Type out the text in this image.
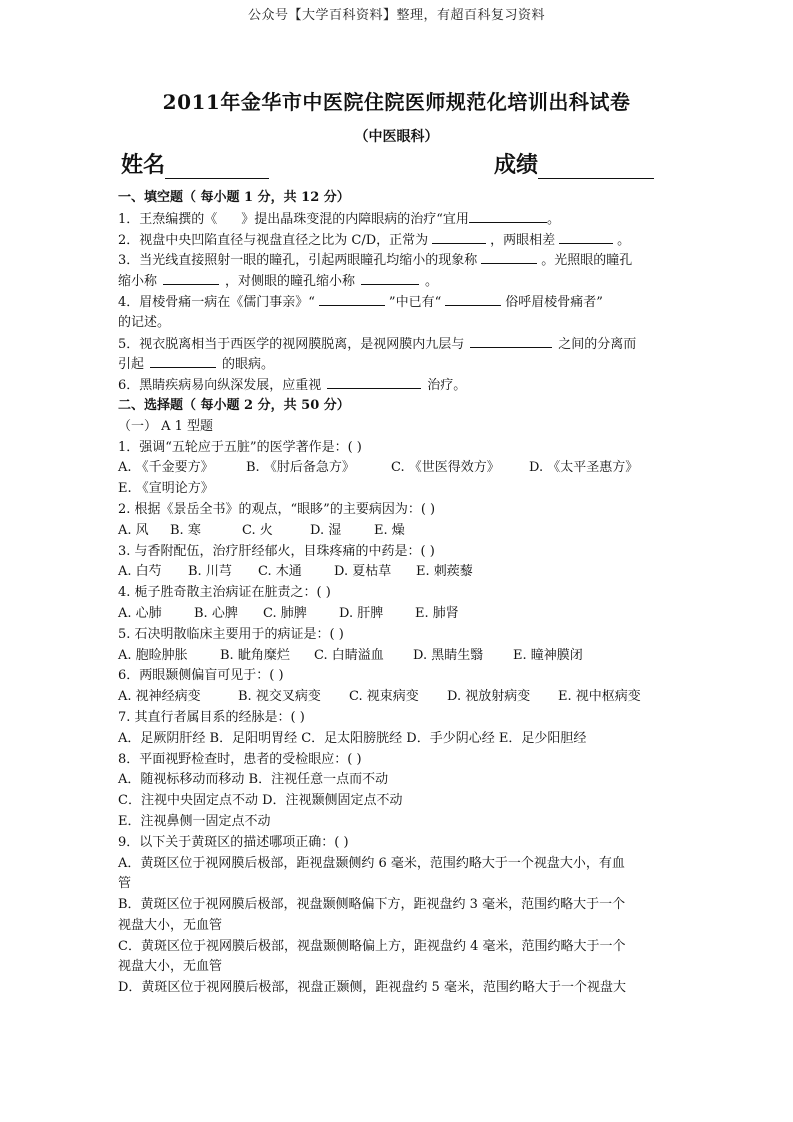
公众号【大学百科资料】整理，有超百科复习资料
2011年金华市中医院住院医师规范化培训出科试卷
（中医眼科）
姓名	成绩
一、填空题（ 每小题 1 分，共 12 分）
1．王焘编撰的《 》提出晶珠变混的内障眼病的治疗“宜用	。
2．视盘中央凹陷直径与视盘直径之比为 C/D，正常为	，两眼相差	。
3．当光线直接照射一眼的瞳孔，引起两眼瞳孔均缩小的现象称	。光照眼的瞳孔
缩小称	，对侧眼的瞳孔缩小称	。
4．眉棱骨痛一病在《儒门事亲》“	”中已有“	俗呼眉棱骨痛者”
的记述。
5．视衣脱离相当于西医学的视网膜脱离，是视网膜内九层与	之间的分离而
引起	的眼病。
6．黑睛疾病易向纵深发展，应重视	治疗。
二、选择题（ 每小题 2 分，共 50 分）
（一） A 1 型题
1．强调“五轮应于五脏”的医学著作是：( )
A. 《千金要方》 B. 《肘后备急方》	C. 《世医得效方》 D. 《太平圣惠方》
E. 《宣明论方》
2. 根据《景岳全书》的观点，“眼眵”的主要病因为：( )
A. 风 B. 寒	C. 火	D. 湿	E. 燥
3. 与香附配伍，治疗肝经郁火，目珠疼痛的中药是：( )
A. 白芍 B. 川芎 C. 木通 D. 夏枯草 E. 刺蒺藜
4. 栀子胜奇散主治病证在脏责之：( )
A. 心肺 B. 心脾 C. 肺脾 D. 肝脾 E. 肺肾
5. 石决明散临床主要用于的病证是：( )
A. 胞睑肿胀 B. 眦角糜烂 C. 白睛溢血 D. 黑睛生翳 E. 瞳神膜闭
6．两眼颞侧偏盲可见于：( )
A. 视神经病变	B. 视交叉病变 C. 视束病变 D. 视放射病变 E. 视中枢病变
7. 其直行者属目系的经脉是：( )
A．足厥阴肝经 B．足阳明胃经 C．足太阳膀胱经 D．手少阴心经 E．足少阳胆经
8．平面视野检查时，患者的受检眼应：( )
A．随视标移动而移动 B．注视任意一点而不动
C．注视中央固定点不动 D．注视颞侧固定点不动
E．注视鼻侧一固定点不动
9．以下关于黄斑区的描述哪项正确：( )
A．黄斑区位于视网膜后极部，距视盘颞侧约 6 毫米，范围约略大于一个视盘大小，有血
管
B．黄斑区位于视网膜后极部，视盘颞侧略偏下方，距视盘约 3 毫米，范围约略大于一个
视盘大小，无血管
C．黄斑区位于视网膜后极部，视盘颞侧略偏上方，距视盘约 4 毫米，范围约略大于一个
视盘大小，无血管
D．黄斑区位于视网膜后极部，视盘正颞侧，距视盘约 5 毫米，范围约略大于一个视盘大
